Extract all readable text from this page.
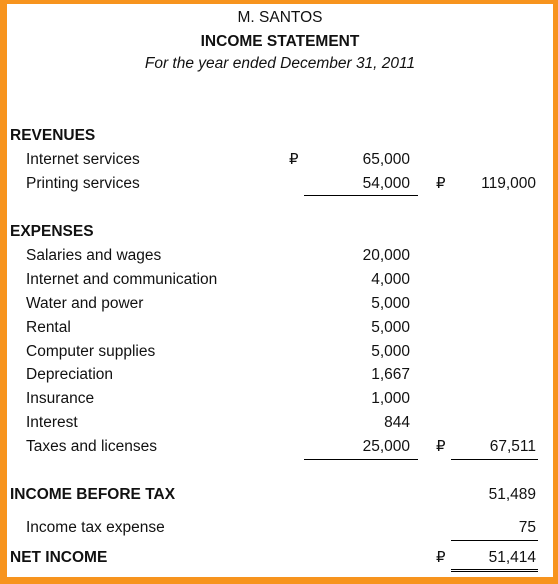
M. SANTOS
INCOME STATEMENT
For the year ended December 31, 2011
REVENUES
Internet services	₽	65,000
Printing services	54,000 ₽	119,000
EXPENSES
Salaries and wages	20,000
Internet and communication	4,000
Water and power	5,000
Rental	5,000
Computer supplies	5,000
Depreciation	1,667
Insurance	1,000
Interest	844
Taxes and licenses	25,000 ₽	67,511
INCOME BEFORE TAX	51,489
Income tax expense	75
NET INCOME	₽	51,414
